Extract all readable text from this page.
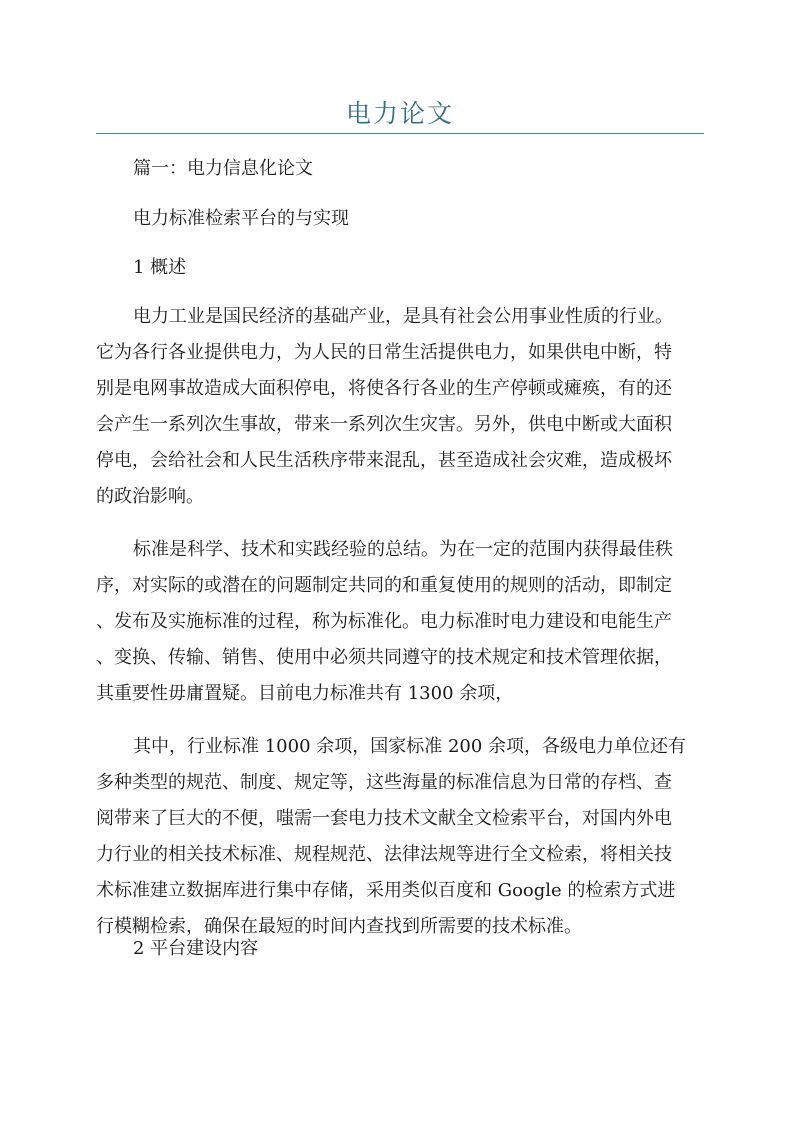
电力论文

篇一：电力信息化论文

电力标准检索平台的与实现

1 概述

电力工业是国民经济的基础产业，是具有社会公用事业性质的行业。
它为各行各业提供电力，为人民的日常生活提供电力，如果供电中断，特
别是电网事故造成大面积停电，将使各行各业的生产停顿或瘫痪，有的还
会产生一系列次生事故，带来一系列次生灾害。另外，供电中断或大面积
停电，会给社会和人民生活秩序带来混乱，甚至造成社会灾难，造成极坏
的政治影响。
标准是科学、技术和实践经验的总结。为在一定的范围内获得最佳秩
序，对实际的或潜在的问题制定共同的和重复使用的规则的活动，即制定
、发布及实施标准的过程，称为标准化。电力标准时电力建设和电能生产
、变换、传输、销售、使用中必须共同遵守的技术规定和技术管理依据，
其重要性毋庸置疑。目前电力标准共有 1300 余项，
其中，行业标准 1000 余项，国家标准 200 余项，各级电力单位还有
多种类型的规范、制度、规定等，这些海量的标准信息为日常的存档、查
阅带来了巨大的不便，嗤需一套电力技术文献全文检索平台，对国内外电
力行业的相关技术标准、规程规范、法律法规等进行全文检索，将相关技
术标准建立数据库进行集中存储，采用类似百度和 Google 的检索方式进
行模糊检索，确保在最短的时间内查找到所需要的技术标准。

2 平台建设内容
